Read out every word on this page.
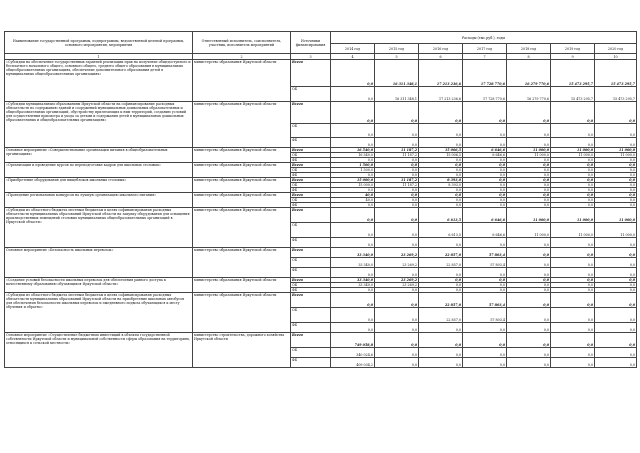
Наименование государственной программы, подпрограммы, ведомственной целевой программы, основного мероприятия, мероприятия	Ответственный исполнитель, соисполнитель, участник, исполнитель мероприятий	Источники финансирования	Расходы (тыс.руб.), годы						
			2014 год	2015 год	2016 год	2017 год	2018 год	2019 год	2020 год
1	2	3	4	5	6	7	8	9	10
«Субсидии на обеспечение государственных гарантий реализации прав на получение общедоступного и бесплатного начального общего, основного общего, среднего общего образования в муниципальных общеобразовательных организациях, обеспечение дополнительного образования детей в муниципальных общеобразовательных организациях»	министерство образования Иркутской области	Всего	0,0	16 311 348,1	17 213 236,6	17 728 770,6	16 279 770,6	15 473 295,7	15 473 295,7
		ОБ	0,0	16 311 348,1	17 213 236,6	17 728 770,6	16 279 770,6	15 473 295,7	15 473 295,7
«Субсидии муниципальным образованиям Иркутской области на софинансирование расходных обязательств по содержанию зданий и сооружений муниципальных дошкольных образовательных и общеобразовательных организаций, обустройству прилегающих к ним территорий, созданию условий для осуществления присмотра и ухода за детьми и содержания детей в муниципальных дошкольных образовательных и общеобразовательных организациях»	министерство образования Иркутской области	Всего	0,0	0,0	0,0	0,0	0,0	0,0	0,0
		ОБ	0,0	0,0	0,0	0,0	0,0	0,0	0,0
		ФБ	0,0	0,0	0,0	0,0	0,0	0,0	0,0
Основное мероприятие «Совершенствование организации питания в общеобразовательных организациях»	министерство образования Иркутской области	Всего	16 540,0	11 187,2	15 006,5	6 646,6	11 000,0	11 000,0	11 000,0
		ОБ	16 540,0	11 187,2	15 006,5	6 646,6	11 000,0	11 000,0	11 000,0
		ФБ	0,0	0,0	0,0	0,0	0,0	0,0	0,0
«Организация и проведение курсов по переподготовке кадров для школьных столовых»	министерство образования Иркутской области	Всего	1 500,0	0,0	0,0	0,0	0,0	0,0	0,0
		ОБ	1 500,0	0,0	0,0	0,0	0,0	0,0	0,0
		ФБ	0,0	0,0	0,0	0,0	0,0	0,0	0,0
«Приобретение оборудования для пищеблоков школьных столовых»	министерство образования Иркутской области	Всего	15 000,0	11 187,2	8 393,0	0,0	0,0	0,0	0,0
		ОБ	15 000,0	11 187,2	8 393,0	0,0	0,0	0,0	0,0
		ФБ	0,0	0,0	0,0	0,0	0,0	0,0	0,0
«Проведение региональных конкурсов на лучшую организацию школьного питания»	министерство образования Иркутской области	Всего	40,0	0,0	0,0	0,0	0,0	0,0	0,0
		ОБ	40,0	0,0	0,0	0,0	0,0	0,0	0,0
		ФБ	0,0	0,0	0,0	0,0	0,0	0,0	0,0
«Субсидии из областного бюджета местным бюджетам в целях софинансирования расходных обязательств муниципальных образований Иркутской области на закупку оборудования для оснащения производственных помещений столовых муниципальных общеобразовательных организаций в Иркутской области»	министерство образования Иркутской области	Всего	0,0	0,0	6 613,5	6 646,6	11 000,0	11 000,0	11 000,0
		ОБ	0,0	0,0	6 613,5	6 646,6	11 000,0	11 000,0	11 000,0
		ФБ	0,0	0,0	0,0	0,0	0,0	0,0	0,0
Основное мероприятие «Безопасность школьных перевозок»	министерство образования Иркутской области	Всего	33 340,0	23 269,2	22 857,0	57 803,4	0,0	0,0	0,0
		ОБ	33 340,0	23 269,2	22 857,0	57 803,4	0,0	0,0	0,0
		ФБ	0,0	0,0	0,0	0,0	0,0	0,0	0,0
«Создание условий безопасности школьных перевозок для обеспечения равного доступа к качественному образованию обучающихся Иркутской области»	министерство образования Иркутской области	Всего	33 340,0	23 269,2	0,0	0,0	0,0	0,0	0,0
		ОБ	33 340,0	23 269,2	0,0	0,0	0,0	0,0	0,0
		ФБ	0,0	0,0	0,0	0,0	0,0	0,0	0,0
«Субсидии из областного бюджета местным бюджетам в целях софинансирования расходных обязательств муниципальных образований Иркутской области на приобретение школьных автобусов для обеспечения безопасности школьных перевозок и ежедневного подвоза обучающихся к месту обучения и обратно»	министерство образования Иркутской области	Всего	0,0	0,0	22 857,0	57 803,4	0,0	0,0	0,0
		ОБ	0,0	0,0	22 857,0	57 803,4	0,0	0,0	0,0
		ФБ	0,0	0,0	0,0	0,0	0,0	0,0	0,0
Основное мероприятие «Осуществление бюджетных инвестиций в объекты государственной собственности Иркутской области и муниципальной собственности сферы образования на территориях, относящихся к сельской местности»	министерство строительства, дорожного хозяйства Иркутской области	Всего	749 058,8	0,0	0,0	0,0	0,0	0,0	0,0
		ОБ	340 024,6	0,0	0,0	0,0	0,0	0,0	0,0
		ФБ	409 034,2	0,0	0,0	0,0	0,0	0,0	0,0
